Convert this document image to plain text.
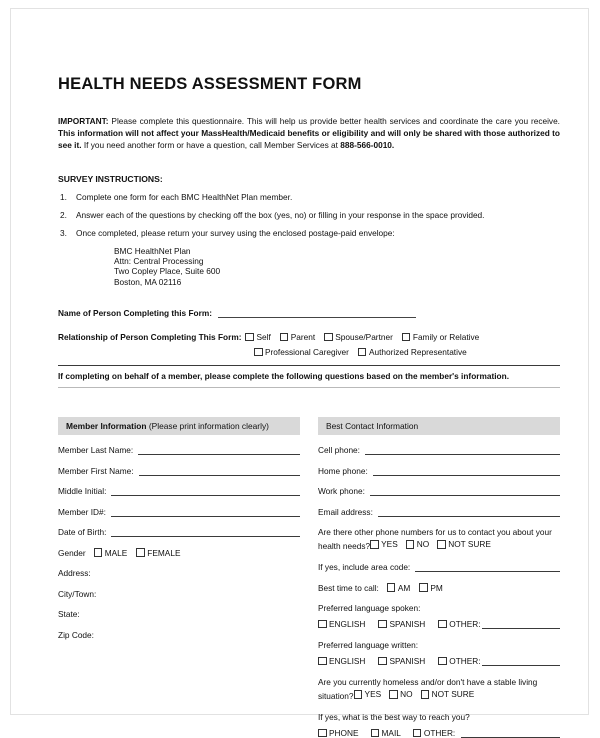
HEALTH NEEDS ASSESSMENT FORM

IMPORTANT: Please complete this questionnaire. This will help us provide better health services and coordinate the care you receive. This information will not affect your MassHealth/Medicaid benefits or eligibility and will only be shared with those authorized to see it. If you need another form or have a question, call Member Services at 888-566-0010.

SURVEY INSTRUCTIONS:
1. Complete one form for each BMC HealthNet Plan member.
2. Answer each of the questions by checking off the box (yes, no) or filling in your response in the space provided.
3. Once completed, please return your survey using the enclosed postage-paid envelope:
BMC HealthNet Plan
Attn: Central Processing
Two Copley Place, Suite 600
Boston, MA 02116
Name of Person Completing this Form:
Relationship of Person Completing This Form: Self Parent Spouse/Partner Family or Relative
Professional Caregiver Authorized Representative
If completing on behalf of a member, please complete the following questions based on the member's information.
Member Information (Please print information clearly)
Member Last Name:
Member First Name:
Middle Initial:
Member ID#:
Date of Birth:
Gender MALE FEMALE
Address:
City/Town:
State:
Zip Code:
Best Contact Information
Cell phone:
Home phone:
Work phone:
Email address:
Are there other phone numbers for us to contact you about your health needs? YES NO NOT SURE
If yes, include area code:
Best time to call: AM PM
Preferred language spoken:
ENGLISH	SPANISH	OTHER:
Preferred language written:
ENGLISH	SPANISH	OTHER:
Are you currently homeless and/or don't have a stable living situation? YES NO NOT SURE
If yes, what is the best way to reach you?
PHONE	MAIL	OTHER:
